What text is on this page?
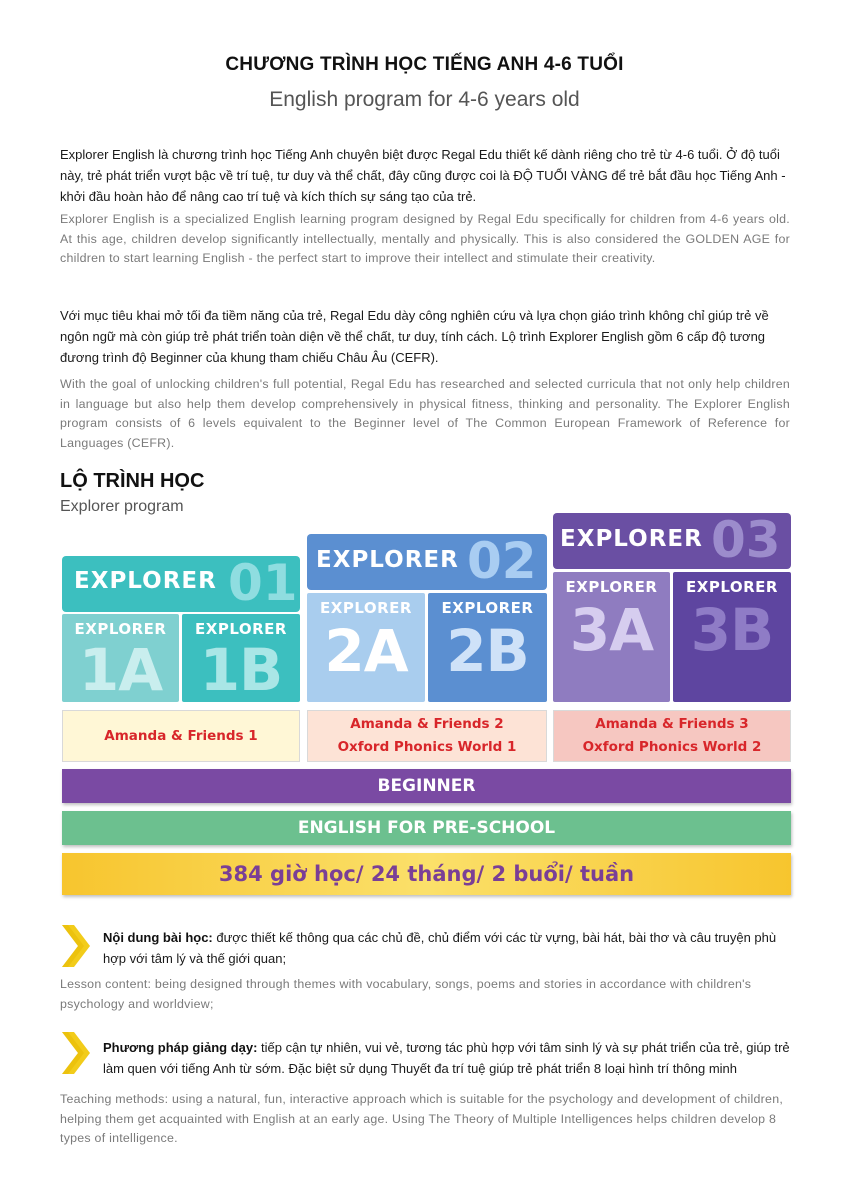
CHƯƠNG TRÌNH HỌC TIẾNG ANH 4-6 TUỔI
English program for 4-6 years old
Explorer English là chương trình học Tiếng Anh chuyên biệt được Regal Edu thiết kế dành riêng cho trẻ từ 4-6 tuổi. Ở độ tuổi này, trẻ phát triển vượt bậc về trí tuệ, tư duy và thể chất, đây cũng được coi là ĐỘ TUỔI VÀNG để trẻ bắt đầu học Tiếng Anh - khởi đầu hoàn hảo để nâng cao trí tuệ và kích thích sự sáng tạo của trẻ.
Explorer English is a specialized English learning program designed by Regal Edu specifically for children from 4-6 years old. At this age, children develop significantly intellectually, mentally and physically. This is also considered the GOLDEN AGE for children to start learning English - the perfect start to improve their intellect and stimulate their creativity.
Với mục tiêu khai mở tối đa tiềm năng của trẻ, Regal Edu dày công nghiên cứu và lựa chọn giáo trình không chỉ giúp trẻ về ngôn ngữ mà còn giúp trẻ phát triển toàn diện về thể chất, tư duy, tính cách. Lộ trình Explorer English gồm 6 cấp độ tương đương trình độ Beginner của khung tham chiếu Châu Âu (CEFR).
With the goal of unlocking children's full potential, Regal Edu has researched and selected curricula that not only help children in language but also help them develop comprehensively in physical fitness, thinking and personality. The Explorer English program consists of 6 levels equivalent to the Beginner level of The Common European Framework of Reference for Languages (CEFR).
LỘ TRÌNH HỌC
Explorer program
EXPLORER 01
EXPLORER
1A
EXPLORER
1B
Amanda & Friends 1
EXPLORER 02
EXPLORER
2A
EXPLORER
2B
Amanda & Friends 2
Oxford Phonics World 1
EXPLORER 03
EXPLORER
3A
EXPLORER
3B
Amanda & Friends 3
Oxford Phonics World 2
BEGINNER
ENGLISH FOR PRE-SCHOOL
384 giờ học/ 24 tháng/ 2 buổi/ tuần
Nội dung bài học: được thiết kế thông qua các chủ đề, chủ điểm với các từ vựng, bài hát, bài thơ và câu truyện phù hợp với tâm lý và thế giới quan;
Lesson content: being designed through themes with vocabulary, songs, poems and stories in accordance with children's psychology and worldview;
Phương pháp giảng dạy: tiếp cận tự nhiên, vui vẻ, tương tác phù hợp với tâm sinh lý và sự phát triển của trẻ, giúp trẻ làm quen với tiếng Anh từ sớm. Đặc biệt sử dụng Thuyết đa trí tuệ giúp trẻ phát triển 8 loại hình trí thông minh
Teaching methods: using a natural, fun, interactive approach which is suitable for the psychology and development of children, helping them get acquainted with English at an early age. Using The Theory of Multiple Intelligences helps children develop 8 types of intelligence.
